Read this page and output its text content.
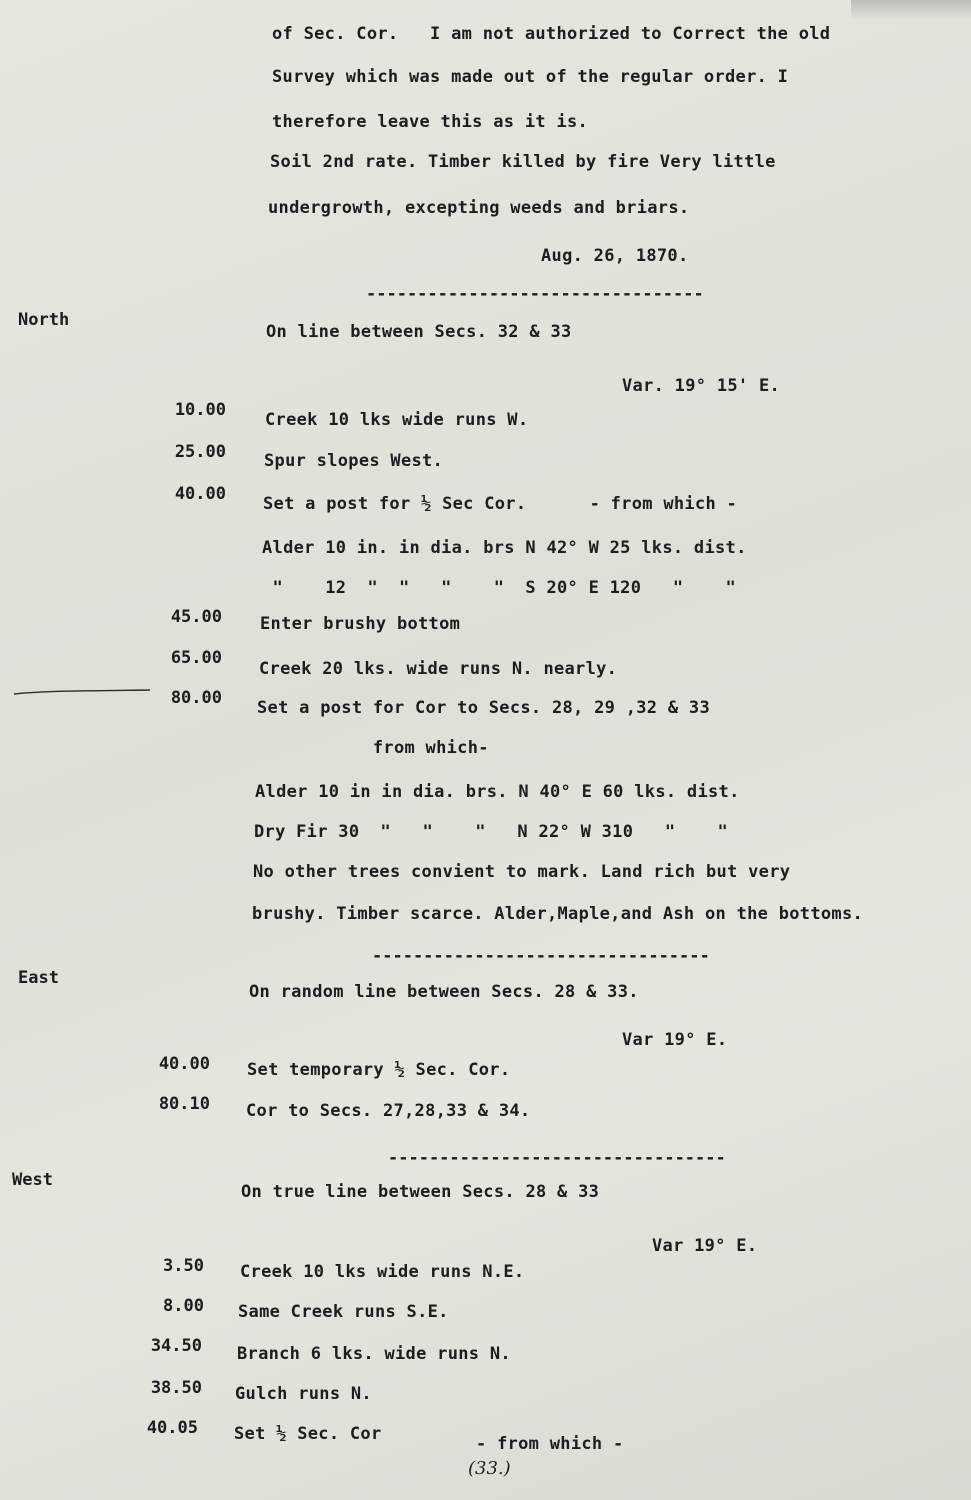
of Sec. Cor.   I am not authorized to Correct the old
Survey which was made out of the regular order. I
therefore leave this as it is.
Soil 2nd rate. Timber killed by fire Very little
undergrowth, excepting weeds and briars.
Aug. 26, 1870.
---------------------------------
North
On line between Secs. 32 & 33
Var. 19° 15' E.
10.00 Creek 10 lks wide runs W.
25.00 Spur slopes West.
40.00 Set a post for ½ Sec Cor.      - from which -
Alder 10 in. in dia. brs N 42° W 25 lks. dist.
"    12  "  "   "    "  S 20° E 120   "    "
45.00 Enter brushy bottom
65.00
Creek 20 lks. wide runs N. nearly.
80.00 Set a post for Cor to Secs. 28, 29 ,32 & 33
from which-
Alder 10 in in dia. brs. N 40° E 60 lks. dist.
Dry Fir 30  "   "    "   N 22° W 310   "    "
No other trees convient to mark. Land rich but very
brushy. Timber scarce. Alder,Maple,and Ash on the bottoms.
---------------------------------
East
On random line between Secs. 28 & 33.
Var 19° E.
40.00 Set temporary ½ Sec. Cor.
80.10 Cor to Secs. 27,28,33 & 34.
---------------------------------
West
On true line between Secs. 28 & 33
Var 19° E.
3.50 Creek 10 lks wide runs N.E.
8.00 Same Creek runs S.E.
34.50 Branch 6 lks. wide runs N.
38.50 Gulch runs N.
40.05 Set ½ Sec. Cor	- from which -
(33.)
